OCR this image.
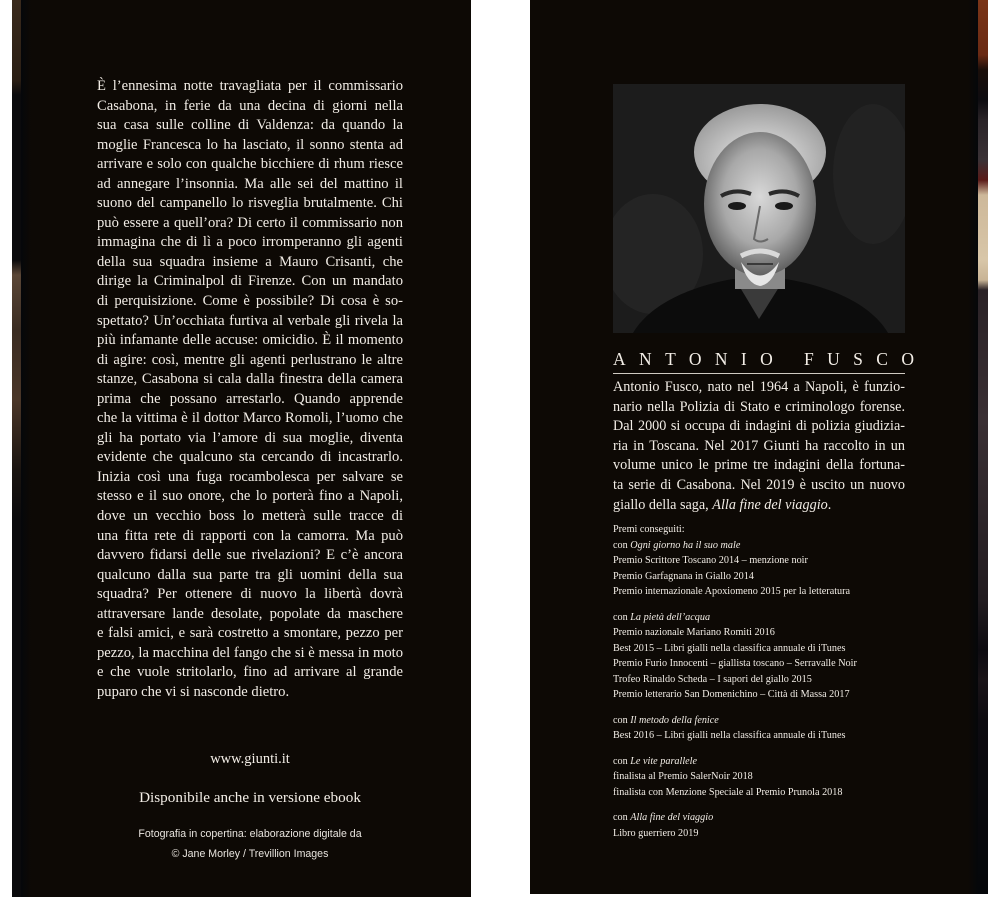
È l’ennesima notte travagliata per il commissario
Casabona, in ferie da una decina di giorni nella
sua casa sulle colline di Valdenza: da quando la
moglie Francesca lo ha lasciato, il sonno stenta ad
arrivare e solo con qualche bicchiere di rhum riesce
ad annegare l’insonnia. Ma alle sei del mattino il
suono del campanello lo risveglia brutalmente. Chi
può essere a quell’ora? Di certo il commissario non
immagina che di lì a poco irromperanno gli agenti
della sua squadra insieme a Mauro Crisanti, che
dirige la Criminalpol di Firenze. Con un mandato
di perquisizione. Come è possibile? Di cosa è so-
spettato? Un’occhiata furtiva al verbale gli rivela la
più infamante delle accuse: omicidio. È il momento
di agire: così, mentre gli agenti perlustrano le altre
stanze, Casabona si cala dalla finestra della camera
prima che possano arrestarlo. Quando apprende
che la vittima è il dottor Marco Romoli, l’uomo che
gli ha portato via l’amore di sua moglie, diventa
evidente che qualcuno sta cercando di incastrarlo.
Inizia così una fuga rocambolesca per salvare se
stesso e il suo onore, che lo porterà fino a Napoli,
dove un vecchio boss lo metterà sulle tracce di
una fitta rete di rapporti con la camorra. Ma può
davvero fidarsi delle sue rivelazioni? E c’è ancora
qualcuno dalla sua parte tra gli uomini della sua
squadra? Per ottenere di nuovo la libertà dovrà
attraversare lande desolate, popolate da maschere
e falsi amici, e sarà costretto a smontare, pezzo per
pezzo, la macchina del fango che si è messa in moto
e che vuole stritolarlo, fino ad arrivare al grande
puparo che vi si nasconde dietro.
www.giunti.it
Disponibile anche in versione ebook
Fotografia in copertina: elaborazione digitale da
© Jane Morley / Trevillion Images
ANTONIO FUSCO
Antonio Fusco, nato nel 1964 a Napoli, è funzio-
nario nella Polizia di Stato e criminologo forense.
Dal 2000 si occupa di indagini di polizia giudizia-
ria in Toscana. Nel 2017 Giunti ha raccolto in un
volume unico le prime tre indagini della fortuna-
ta serie di Casabona. Nel 2019 è uscito un nuovo
giallo della saga, Alla fine del viaggio.
Premi conseguiti:
con Ogni giorno ha il suo male
Premio Scrittore Toscano 2014 – menzione noir
Premio Garfagnana in Giallo 2014
Premio internazionale Apoxiomeno 2015 per la letteratura
con La pietà dell’acqua
Premio nazionale Mariano Romiti 2016
Best 2015 – Libri gialli nella classifica annuale di iTunes
Premio Furio Innocenti – giallista toscano – Serravalle Noir
Trofeo Rinaldo Scheda – I sapori del giallo 2015
Premio letterario San Domenichino – Città di Massa 2017
con Il metodo della fenice
Best 2016 – Libri gialli nella classifica annuale di iTunes
con Le vite parallele
finalista al Premio SalerNoir 2018
finalista con Menzione Speciale al Premio Prunola 2018
con Alla fine del viaggio
Libro guerriero 2019
